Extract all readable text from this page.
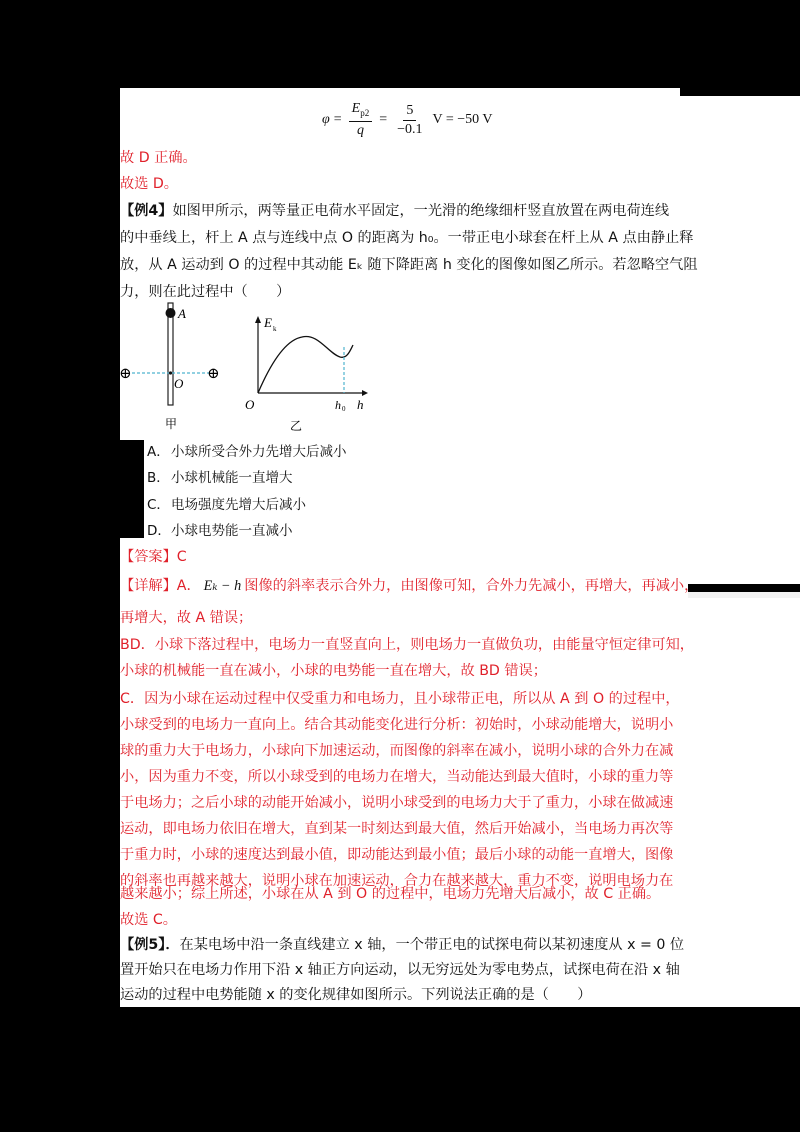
$\varphi = \frac{E_{p2}}{q} = \frac{5}{-0.1}$ V = −50 V
故 D 正确。
故选 D。
【例4】如图甲所示，两等量正电荷水平固定，一光滑的绝缘细杆竖直放置在两电荷连线
的中垂线上，杆上 A 点与连线中点 O 的距离为 h₀。一带正电小球套在杆上从 A 点由静止释
放，从 A 运动到 O 的过程中其动能 Eₖ 随下降距离 h 变化的图像如图乙所示。若忽略空气阻
力，则在此过程中（　　）
A
⊕	⊕
O
甲
E k
O	h 0 h
乙
A．小球所受合外力先增大后减小
B．小球机械能一直增大
C．电场强度先增大后减小
D．小球电势能一直减小
【答案】C
【详解】A． Eₖ − h 图像的斜率表示合外力，由图像可知，合外力先减小，再增大，再减小，
再增大，故 A 错误；
BD．小球下落过程中，电场力一直竖直向上，则电场力一直做负功，由能量守恒定律可知，
小球的机械能一直在减小，小球的电势能一直在增大，故 BD 错误；
C．因为小球在运动过程中仅受重力和电场力，且小球带正电，所以从 A 到 O 的过程中，
小球受到的电场力一直向上。结合其动能变化进行分析：初始时，小球动能增大，说明小
球的重力大于电场力，小球向下加速运动，而图像的斜率在减小，说明小球的合外力在减
小，因为重力不变，所以小球受到的电场力在增大，当动能达到最大值时，小球的重力等
于电场力；之后小球的动能开始减小，说明小球受到的电场力大于了重力，小球在做减速
运动，即电场力依旧在增大，直到某一时刻达到最大值，然后开始减小，当电场力再次等
于重力时，小球的速度达到最小值，即动能达到最小值；最后小球的动能一直增大，图像
的斜率也再越来越大，说明小球在加速运动，合力在越来越大，重力不变，说明电场力在
越来越小；综上所述，小球在从 A 到 O 的过程中，电场力先增大后减小，故 C 正确。
故选 C。
【例5】．在某电场中沿一条直线建立 x 轴，一个带正电的试探电荷以某初速度从 x = 0 位
置开始只在电场力作用下沿 x 轴正方向运动，以无穷远处为零电势点，试探电荷在沿 x 轴
